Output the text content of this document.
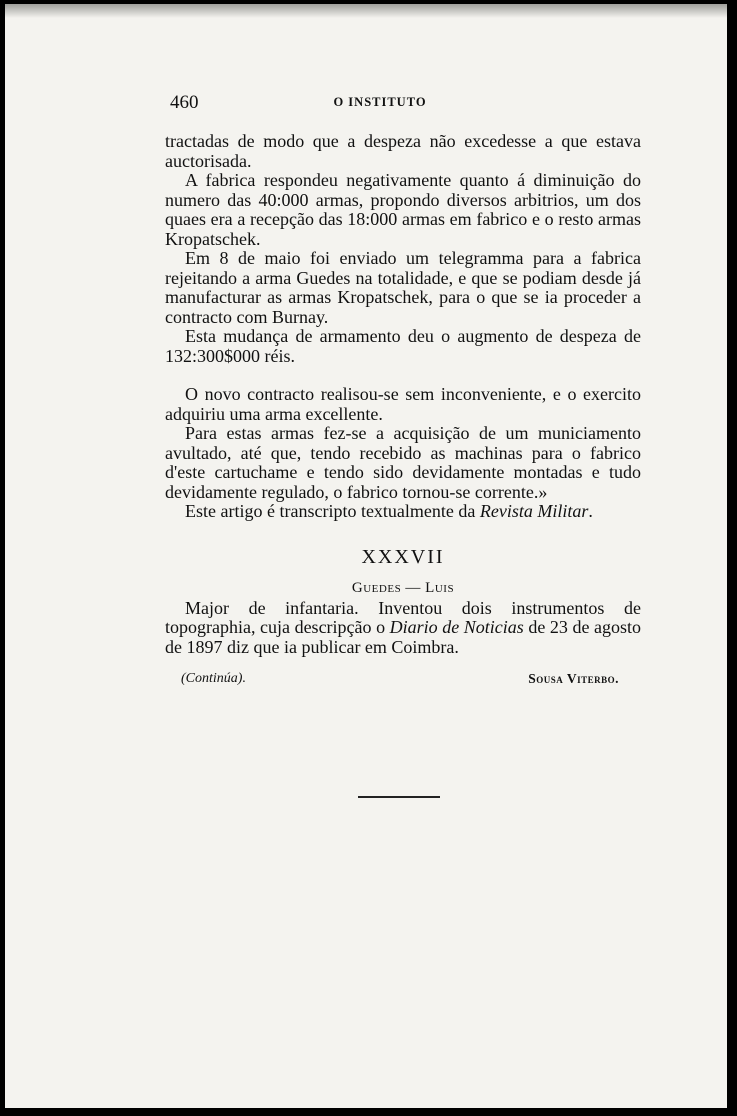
460	O INSTITUTO

tractadas de modo que a despeza não excedesse a que estava auctorisada.

A fabrica respondeu negativamente quanto á diminuição do numero das 40:000 armas, propondo diversos arbitrios, um dos quaes era a recepção das 18:000 armas em fabrico e o resto armas Kropatschek.

Em 8 de maio foi enviado um telegramma para a fabrica rejeitando a arma Guedes na totalidade, e que se podiam desde já manufacturar as armas Kropatschek, para o que se ia proceder a contracto com Burnay.

Esta mudança de armamento deu o augmento de despeza de 132:300$000 réis.

O novo contracto realisou-se sem inconveniente, e o exercito adquiriu uma arma excellente.

Para estas armas fez-se a acquisição de um municiamento avultado, até que, tendo recebido as machinas para o fabrico d'este cartuchame e tendo sido devidamente montadas e tudo devidamente regulado, o fabrico tornou-se corrente.»

Este artigo é transcripto textualmente da Revista Militar.

XXXVII
Guedes — Luis

Major de infantaria. Inventou dois instrumentos de topographia, cuja descripção o Diario de Noticias de 23 de agosto de 1897 diz que ia publicar em Coimbra.

(Continúa).	Sousa Viterbo.
